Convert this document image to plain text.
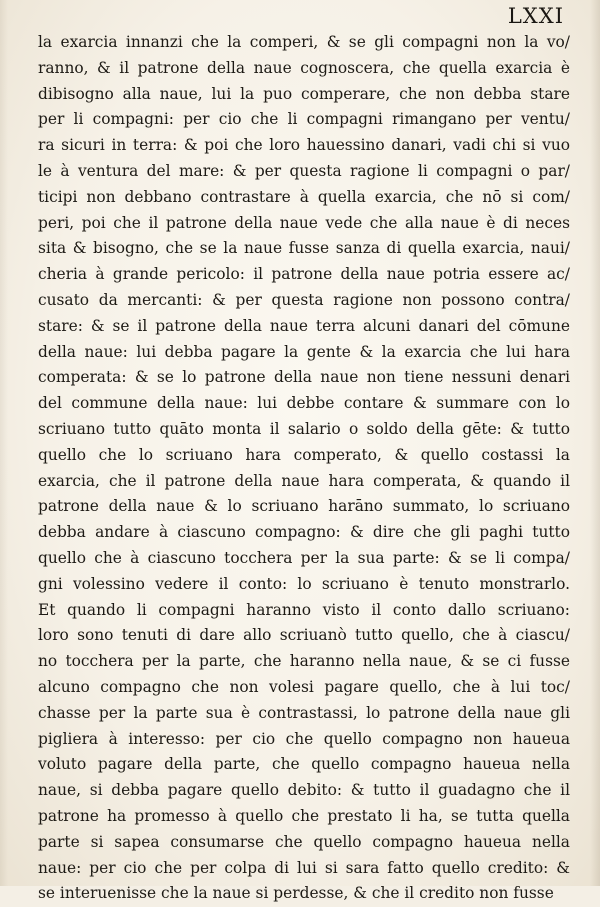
LXXI
la exarcia innanzi che la comperi, & se gli compagni non la vo/
ranno, & il patrone della naue cognoscera, che quella exarcia è
dibisogno alla naue, lui la puo comperare, che non debba stare
per li compagni: per cio che li compagni rimangano per ventu/
ra sicuri in terra: & poi che loro hauessino danari, vadi chi si vuo
le à ventura del mare: & per questa ragione li compagni o par/
ticipi non debbano contrastare à quella exarcia, che nō si com/
peri, poi che il patrone della naue vede che alla naue è di neces
sita & bisogno, che se la naue fusse sanza di quella exarcia, naui/
cheria à grande pericolo: il patrone della naue potria essere ac/
cusato da mercanti: & per questa ragione non possono contra/
stare: & se il patrone della naue terra alcuni danari del cōmune
della naue: lui debba pagare la gente & la exarcia che lui hara
comperata: & se lo patrone della naue non tiene nessuni denari
del commune della naue: lui debbe contare & summare con lo
scriuano tutto quāto monta il salario o soldo della gēte: & tutto
quello che lo scriuano hara comperato, & quello costassi la
exarcia, che il patrone della naue hara comperata, & quando il
patrone della naue & lo scriuano harāno summato, lo scriuano
debba andare à ciascuno compagno: & dire che gli paghi tutto
quello che à ciascuno tocchera per la sua parte: & se li compa/
gni volessino vedere il conto: lo scriuano è tenuto monstrarlo.
Et quando li compagni haranno visto il conto dallo scriuano:
loro sono tenuti di dare allo scriuanò tutto quello, che à ciascu/
no tocchera per la parte, che haranno nella naue, & se ci fusse
alcuno compagno che non volesi pagare quello, che à lui toc/
chasse per la parte sua è contrastassi, lo patrone della naue gli
pigliera à interesso: per cio che quello compagno non haueua
voluto pagare della parte, che quello compagno haueua nella
naue, si debba pagare quello debito: & tutto il guadagno che il
patrone ha promesso à quello che prestato li ha, se tutta quella
parte si sapea consumarse che quello compagno haueua nella
naue: per cio che per colpa di lui si sara fatto quello credito: &
se interuenisse che la naue si perdesse, & che il credito non fusse
